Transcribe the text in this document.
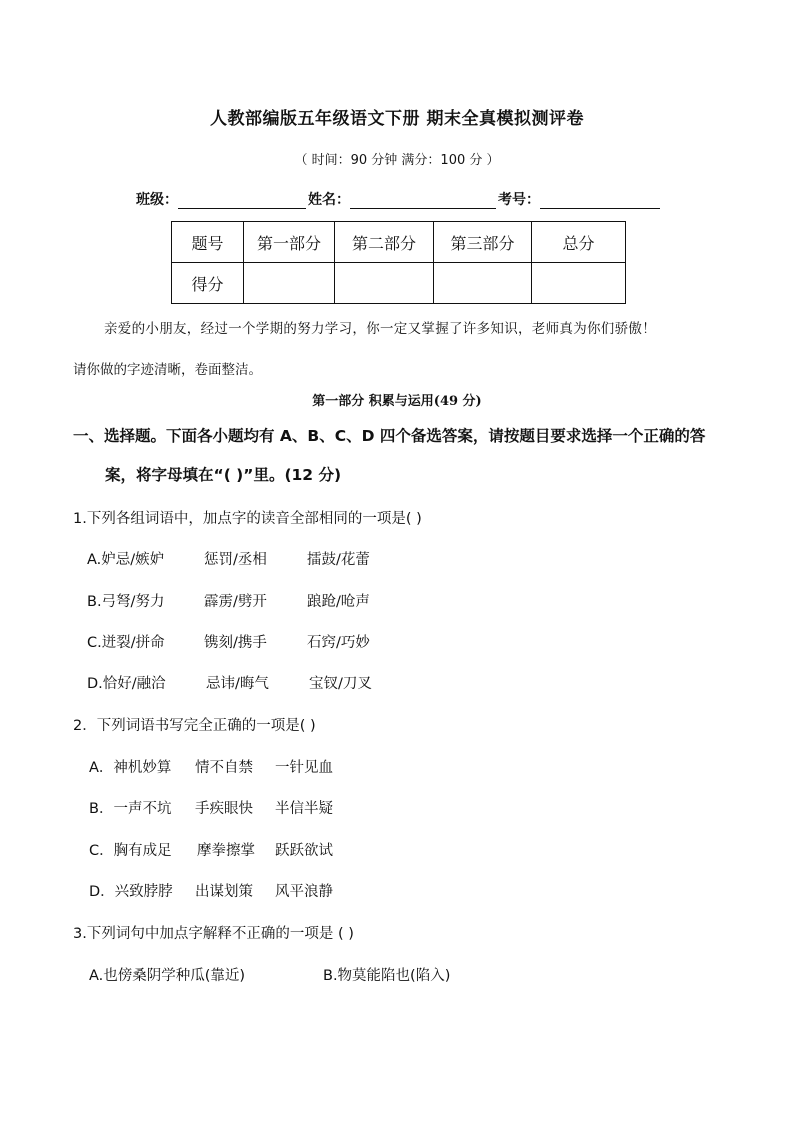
人教部编版五年级语文下册 期末全真模拟测评卷
（ 时间：90 分钟 满分：100 分 ）
班级：	姓名：	考号：
题号	第一部分	第二部分	第三部分	总分
得分				
亲爱的小朋友，经过一个学期的努力学习，你一定又掌握了许多知识，老师真为你们骄傲！
请你做的字迹清晰，卷面整洁。
第一部分 积累与运用(49 分)
一、选择题。下面各小题均有 A、B、C、D 四个备选答案，请按题目要求选择一个正确的答
案，将字母填在“( )”里。(12 分)
1.下列各组词语中，加点字的读音全部相同的一项是( )
A.妒忌/嫉妒	惩罚/丞相	擂鼓/花蕾
B.弓弩/努力	霹雳/劈开	踉跄/呛声
C.迸裂/拼命	镌刻/携手	石窍/巧妙
D.恰好/融洽	忌讳/晦气	宝钗/刀叉
2．下列词语书写完全正确的一项是( )
A．神机妙算 情不自禁 一针见血
B．一声不坑 手疾眼快 半信半疑
C．胸有成足 摩拳擦掌 跃跃欲试
D．兴致脖脖 出谋划策 风平浪静
3.下列词句中加点字解释不正确的一项是 ( )
A.也傍桑阴学种瓜(靠近)	B.物莫能陷也(陷入)
